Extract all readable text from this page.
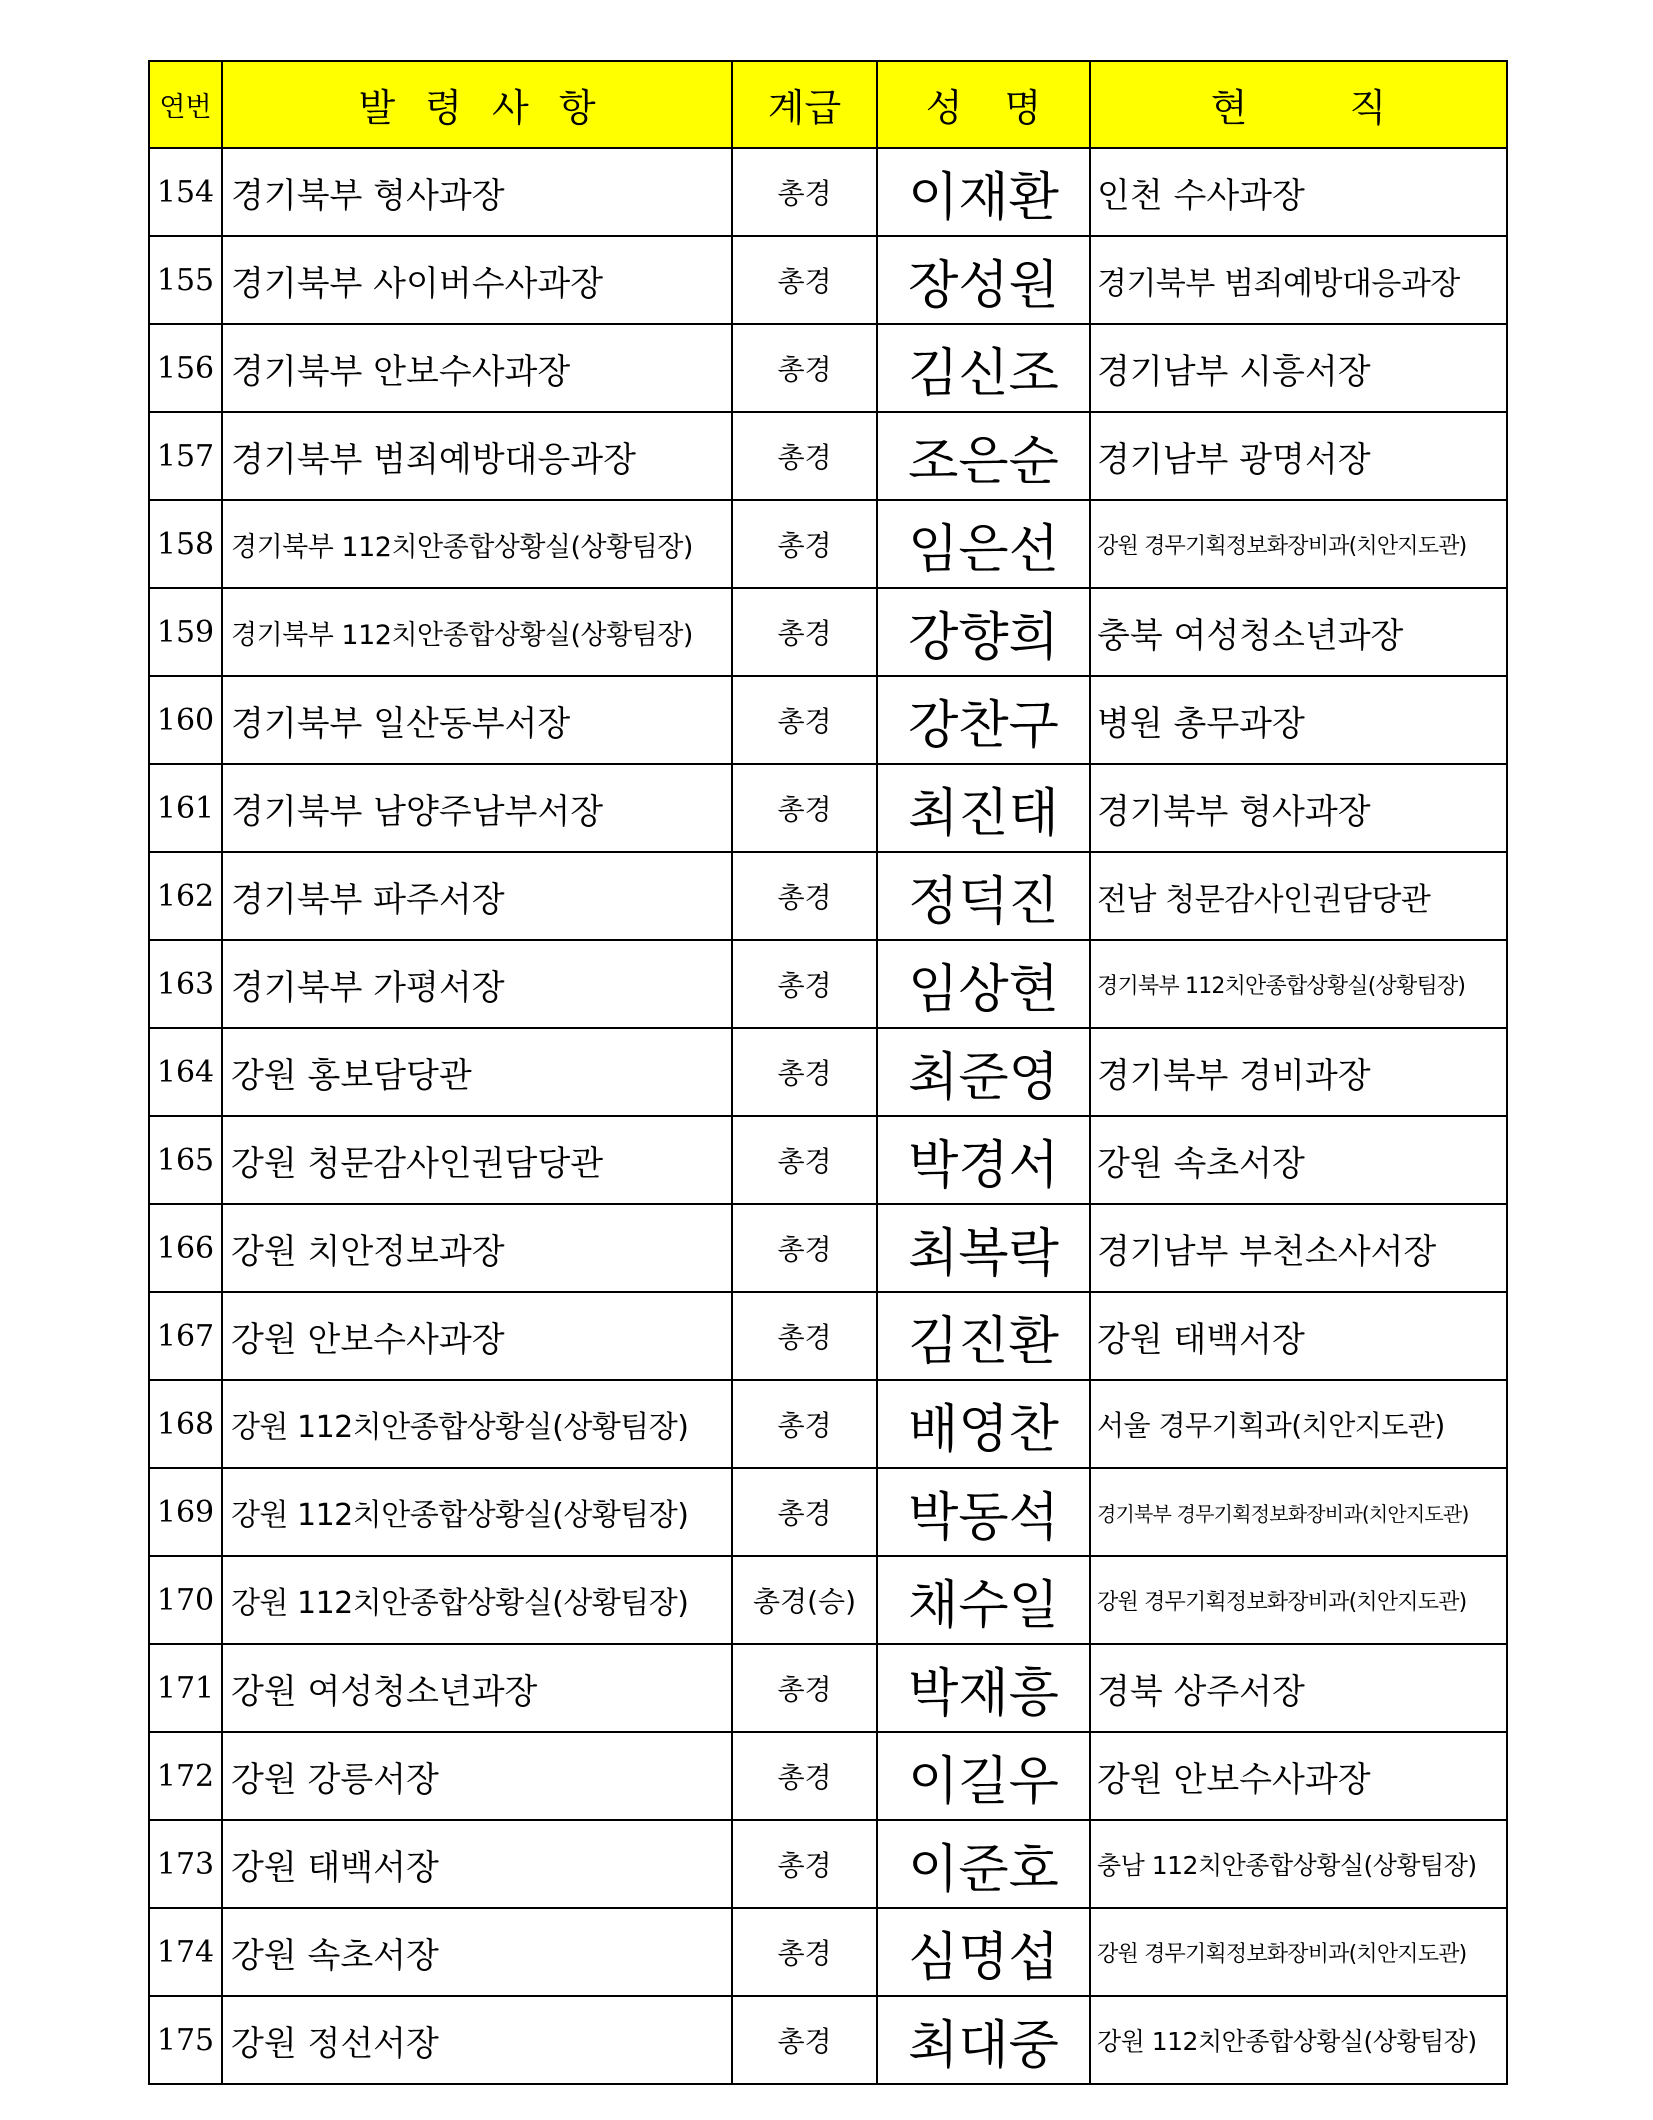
연번	발 령 사 항	계급	성 명	현 직
154	경기북부 형사과장	총경	이재환	인천 수사과장
155	경기북부 사이버수사과장	총경	장성원	경기북부 범죄예방대응과장
156	경기북부 안보수사과장	총경	김신조	경기남부 시흥서장
157	경기북부 범죄예방대응과장	총경	조은순	경기남부 광명서장
158	경기북부 112치안종합상황실(상황팀장)	총경	임은선	강원 경무기획정보화장비과(치안지도관)
159	경기북부 112치안종합상황실(상황팀장)	총경	강향희	충북 여성청소년과장
160	경기북부 일산동부서장	총경	강찬구	병원 총무과장
161	경기북부 남양주남부서장	총경	최진태	경기북부 형사과장
162	경기북부 파주서장	총경	정덕진	전남 청문감사인권담당관
163	경기북부 가평서장	총경	임상현	경기북부 112치안종합상황실(상황팀장)
164	강원 홍보담당관	총경	최준영	경기북부 경비과장
165	강원 청문감사인권담당관	총경	박경서	강원 속초서장
166	강원 치안정보과장	총경	최복락	경기남부 부천소사서장
167	강원 안보수사과장	총경	김진환	강원 태백서장
168	강원 112치안종합상황실(상황팀장)	총경	배영찬	서울 경무기획과(치안지도관)
169	강원 112치안종합상황실(상황팀장)	총경	박동석	경기북부 경무기획정보화장비과(치안지도관)
170	강원 112치안종합상황실(상황팀장)	총경(승)	채수일	강원 경무기획정보화장비과(치안지도관)
171	강원 여성청소년과장	총경	박재흥	경북 상주서장
172	강원 강릉서장	총경	이길우	강원 안보수사과장
173	강원 태백서장	총경	이준호	충남 112치안종합상황실(상황팀장)
174	강원 속초서장	총경	심명섭	강원 경무기획정보화장비과(치안지도관)
175	강원 정선서장	총경	최대중	강원 112치안종합상황실(상황팀장)
